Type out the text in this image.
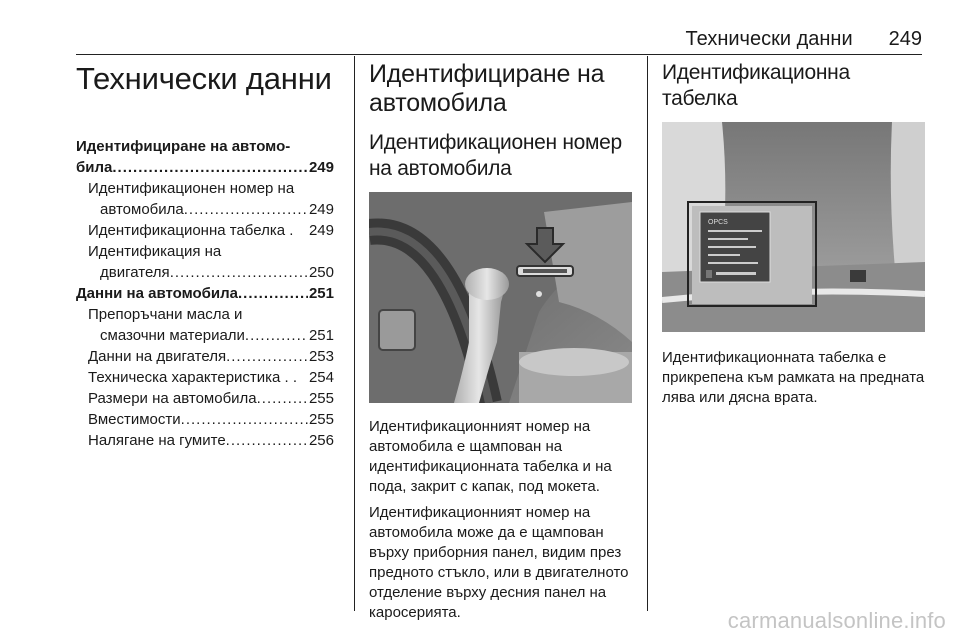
Технически данни 249
Технически данни
Идентифициране на автомо-
била .....	249
Идентификационен номер на
автомобила .....	249
Идентификационна табелка . 249
Идентификация на
двигателя .....	250
Данни на автомобила .....	251
Препоръчани масла и
смазочни материали .....	251
Данни на двигателя .....	253
Техническа характеристика . . 254
Размери на автомобила .....	255
Вместимости .....	255
Налягане на гумите .....	256
Идентифициране на автомобила
Идентификационен номер на автомобила

Идентификационният номер на автомобила е щампован на идентификационната табелка и на пода, закрит с капак, под мокета.

Идентификационният номер на автомобила може да е щампован върху приборния панел, видим през предното стъкло, или в двигателното отделение върху десния панел на каросерията.

Идентификационна табелка
OPCS

Идентификационната табелка е прикрепена към рамката на предната лява или дясна врата.

carmanualsonline.info
